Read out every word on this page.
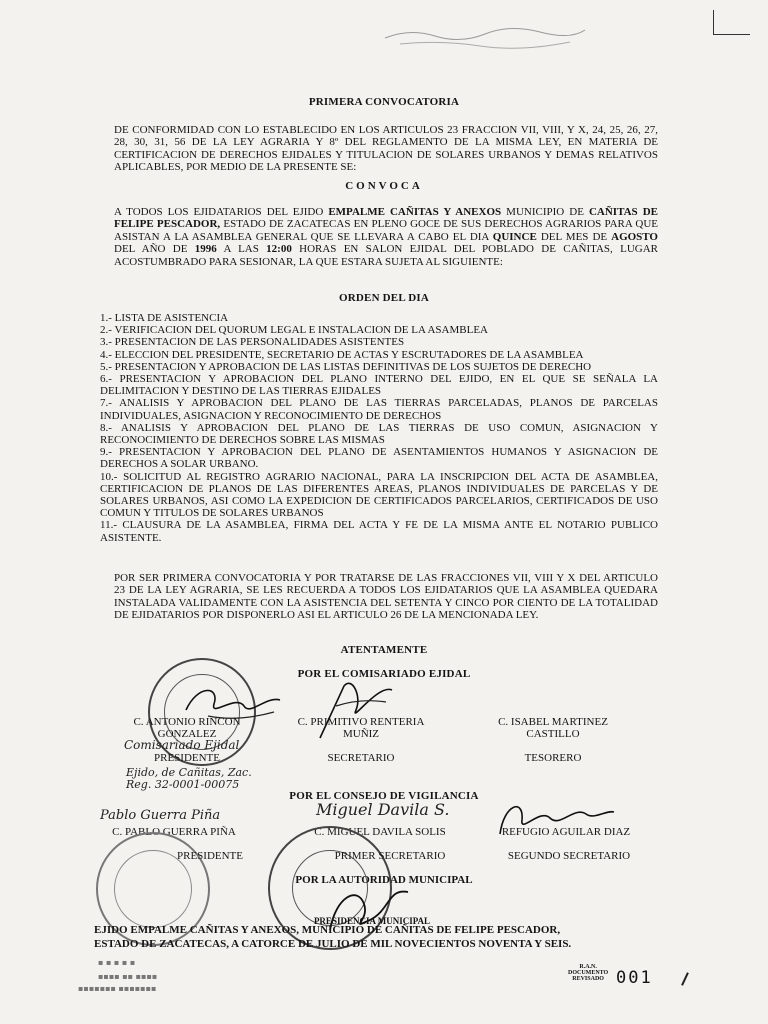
PRIMERA CONVOCATORIA
DE CONFORMIDAD CON LO ESTABLECIDO EN LOS ARTICULOS 23 FRACCION VII, VIII, Y X, 24, 25, 26, 27, 28, 30, 31, 56 DE LA LEY AGRARIA Y 8º DEL REGLAMENTO DE LA MISMA LEY, EN MATERIA DE CERTIFICACION DE DERECHOS EJIDALES Y TITULACION DE SOLARES URBANOS Y DEMAS RELATIVOS APLICABLES, POR MEDIO DE LA PRESENTE SE:
CONVOCA
A TODOS LOS EJIDATARIOS DEL EJIDO EMPALME CAÑITAS Y ANEXOS MUNICIPIO DE CAÑITAS DE FELIPE PESCADOR, ESTADO DE ZACATECAS EN PLENO GOCE DE SUS DERECHOS AGRARIOS PARA QUE ASISTAN A LA ASAMBLEA GENERAL QUE SE LLEVARA A CABO EL DIA QUINCE DEL MES DE AGOSTO DEL AÑO DE 1996 A LAS 12:00 HORAS EN SALON EJIDAL DEL POBLADO DE CAÑITAS, LUGAR ACOSTUMBRADO PARA SESIONAR, LA QUE ESTARA SUJETA AL SIGUIENTE:
ORDEN DEL DIA
1.- LISTA DE ASISTENCIA
2.- VERIFICACION DEL QUORUM LEGAL E INSTALACION DE LA ASAMBLEA
3.- PRESENTACION DE LAS PERSONALIDADES ASISTENTES
4.- ELECCION DEL PRESIDENTE, SECRETARIO DE ACTAS Y ESCRUTADORES DE LA ASAMBLEA
5.- PRESENTACION Y APROBACION DE LAS LISTAS DEFINITIVAS DE LOS SUJETOS DE DERECHO
6.- PRESENTACION Y APROBACION DEL PLANO INTERNO DEL EJIDO, EN EL QUE SE SEÑALA LA DELIMITACION Y DESTINO DE LAS TIERRAS EJIDALES
7.- ANALISIS Y APROBACION DEL PLANO DE LAS TIERRAS PARCELADAS, PLANOS DE PARCELAS INDIVIDUALES, ASIGNACION Y RECONOCIMIENTO DE DERECHOS
8.- ANALISIS Y APROBACION DEL PLANO DE LAS TIERRAS DE USO COMUN, ASIGNACION Y RECONOCIMIENTO DE DERECHOS SOBRE LAS MISMAS
9.- PRESENTACION Y APROBACION DEL PLANO DE ASENTAMIENTOS HUMANOS Y ASIGNACION DE DERECHOS A SOLAR URBANO.
10.- SOLICITUD AL REGISTRO AGRARIO NACIONAL, PARA LA INSCRIPCION DEL ACTA DE ASAMBLEA, CERTIFICACION DE PLANOS DE LAS DIFERENTES AREAS, PLANOS INDIVIDUALES DE PARCELAS Y DE SOLARES URBANOS, ASI COMO LA EXPEDICION DE CERTIFICADOS PARCELARIOS, CERTIFICADOS DE USO COMUN Y TITULOS DE SOLARES URBANOS
11.- CLAUSURA DE LA ASAMBLEA, FIRMA DEL ACTA Y FE DE LA MISMA ANTE EL NOTARIO PUBLICO ASISTENTE.
POR SER PRIMERA CONVOCATORIA Y POR TRATARSE DE LAS FRACCIONES VII, VIII Y X DEL ARTICULO 23 DE LA LEY AGRARIA, SE LES RECUERDA A TODOS LOS EJIDATARIOS QUE LA ASAMBLEA QUEDARA INSTALADA VALIDAMENTE CON LA ASISTENCIA DEL SETENTA Y CINCO POR CIENTO DE LA TOTALIDAD DE EJIDATARIOS POR DISPONERLO ASI EL ARTICULO 26 DE LA MENCIONADA LEY.
ATENTAMENTE
POR EL COMISARIADO EJIDAL
C. ANTONIO RINCON GONZALEZ
C. PRIMITIVO RENTERIA MUÑIZ
C. ISABEL MARTINEZ CASTILLO
Comisariado Ejidal
PRESIDENTE	SECRETARIO	TESORERO
Ejido, de Cañitas, Zac.
Reg. 32-0001-00075
POR EL CONSEJO DE VIGILANCIA
Pablo Guerra Piña	Miguel Davila S.
C. PABLO GUERRA PIÑA	C. MIGUEL DAVILA SOLIS	REFUGIO AGUILAR DIAZ
PRESIDENTE	PRIMER SECRETARIO	SEGUNDO SECRETARIO
POR LA AUTORIDAD MUNICIPAL
PRESIDENCIA MUNICIPAL
EJIDO EMPALME CAÑITAS Y ANEXOS, MUNICIPIO DE CAÑITAS DE FELIPE PESCADOR,
ESTADO DE ZACATECAS, A CATORCE DE JULIO DE MIL NOVECIENTOS NOVENTA Y SEIS.
▪ ▪ ▪ ▪ ▪
▪▪▪▪ ▪▪ ▪▪▪▪
▪▪▪▪▪▪▪ ▪▪▪▪▪▪▪
R.A.N.
DOCUMENTO
REVISADO 001
